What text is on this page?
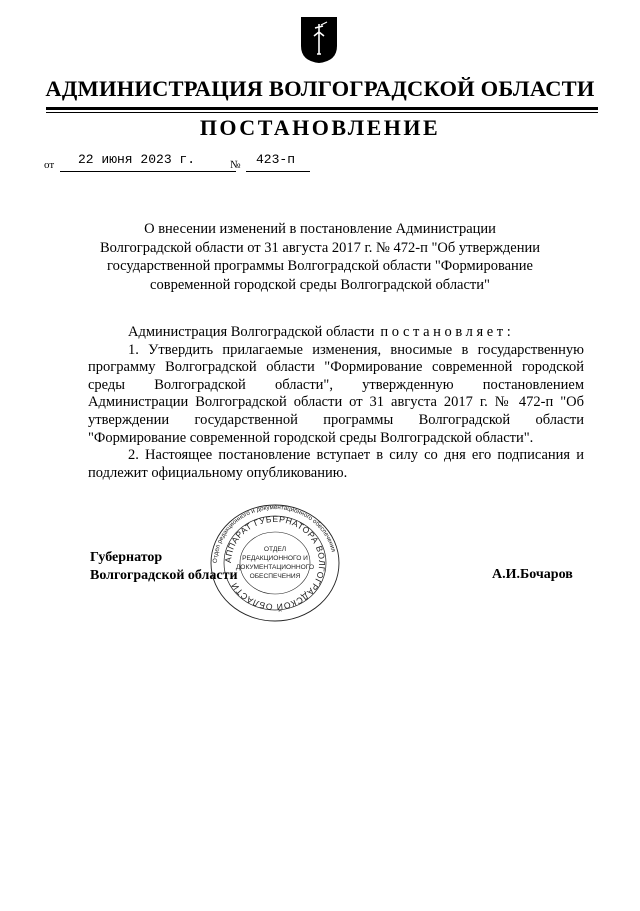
АДМИНИСТРАЦИЯ ВОЛГОГРАДСКОЙ ОБЛАСТИ
ПОСТАНОВЛЕНИЕ
от 22 июня 2023 г.	№ 423-п
О внесении изменений в постановление Администрации
Волгоградской области от 31 августа 2017 г. № 472-п "Об утверждении
государственной программы Волгоградской области "Формирование
современной городской среды Волгоградской области"
Администрация Волгоградской области постановляет:

1. Утвердить прилагаемые изменения, вносимые в государственную программу Волгоградской области "Формирование современной городской среды Волгоградской области", утвержденную постановлением Администрации Волгоградской области от 31 августа 2017 г. № 472-п "Об утверждении государственной программы Волгоградской области "Формирование современной городской среды Волгоградской области".

2. Настоящее постановление вступает в силу со дня его подписания и подлежит официальному опубликованию.

Губернатор
Волгоградской области	А.И.Бочаров
Отдел редакционного и документационного обеспечения
АППАРАТ ГУБЕРНАТОРА ВОЛГОГРАДСКОЙ ОБЛАСТИ
ОТДЕЛ
РЕДАКЦИОННОГО И
ДОКУМЕНТАЦИОННОГО
ОБЕСПЕЧЕНИЯ
